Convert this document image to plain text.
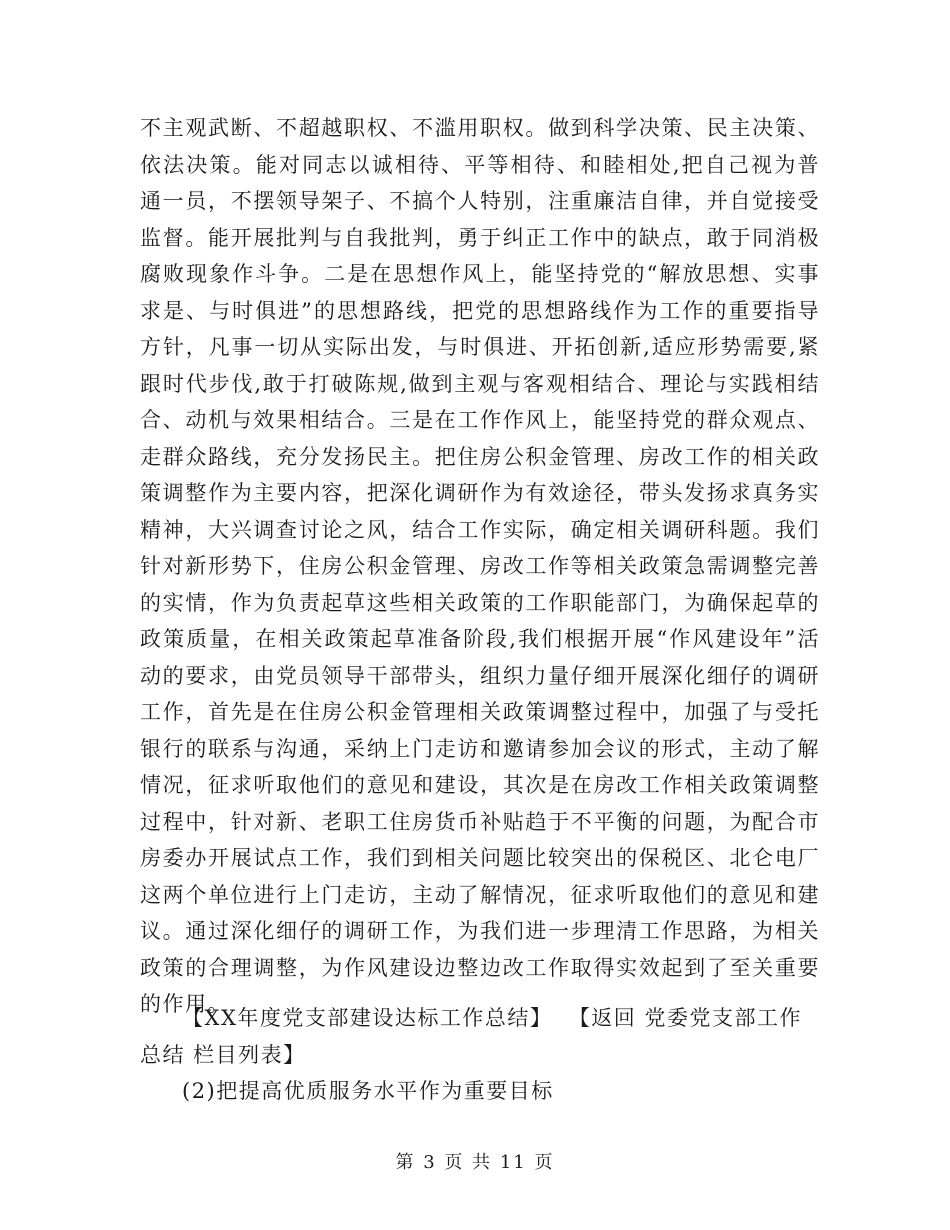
不主观武断、不超越职权、不滥用职权。做到科学决策、民主决策、依法决策。能对同志以诚相待、平等相待、和睦相处,把自己视为普通一员，不摆领导架子、不搞个人特别，注重廉洁自律，并自觉接受监督。能开展批判与自我批判，勇于纠正工作中的缺点，敢于同消极腐败现象作斗争。二是在思想作风上，能坚持党的“解放思想、实事求是、与时俱进”的思想路线，把党的思想路线作为工作的重要指导方针，凡事一切从实际出发，与时俱进、开拓创新,适应形势需要,紧跟时代步伐,敢于打破陈规,做到主观与客观相结合、理论与实践相结合、动机与效果相结合。三是在工作作风上，能坚持党的群众观点、走群众路线，充分发扬民主。把住房公积金管理、房改工作的相关政策调整作为主要内容，把深化调研作为有效途径，带头发扬求真务实精神，大兴调查讨论之风，结合工作实际，确定相关调研科题。我们针对新形势下，住房公积金管理、房改工作等相关政策急需调整完善的实情，作为负责起草这些相关政策的工作职能部门，为确保起草的政策质量，在相关政策起草准备阶段,我们根据开展“作风建设年”活动的要求，由党员领导干部带头，组织力量仔细开展深化细仔的调研工作，首先是在住房公积金管理相关政策调整过程中，加强了与受托银行的联系与沟通，采纳上门走访和邀请参加会议的形式，主动了解情况，征求听取他们的意见和建设，其次是在房改工作相关政策调整过程中，针对新、老职工住房货币补贴趋于不平衡的问题，为配合市房委办开展试点工作，我们到相关问题比较突出的保税区、北仑电厂这两个单位进行上门走访，主动了解情况，征求听取他们的意见和建议。通过深化细仔的调研工作，为我们进一步理清工作思路，为相关政策的合理调整，为作风建设边整边改工作取得实效起到了至关重要的作用。

【XX年度党支部建设达标工作总结】 【返回 党委党支部工作总结 栏目列表】

(2)把提高优质服务水平作为重要目标

第 3 页 共 11 页
